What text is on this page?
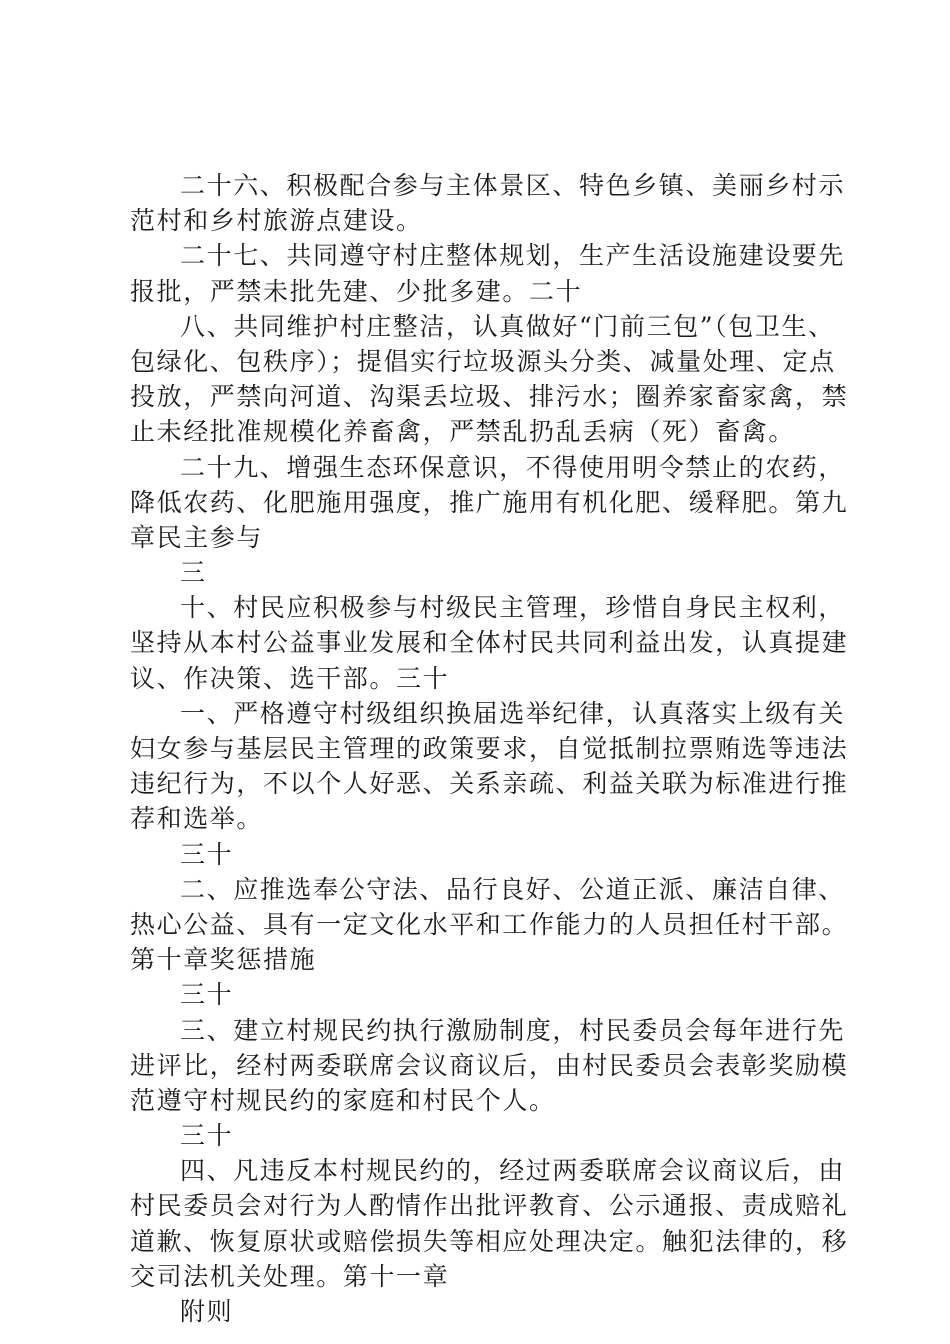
二十六、积极配合参与主体景区、特色乡镇、美丽乡村示
范村和乡村旅游点建设。
二十七、共同遵守村庄整体规划，生产生活设施建设要先
报批，严禁未批先建、少批多建。二十
八、共同维护村庄整洁，认真做好“门前三包”（包卫生、
包绿化、包秩序）；提倡实行垃圾源头分类、减量处理、定点
投放，严禁向河道、沟渠丢垃圾、排污水；圈养家畜家禽，禁
止未经批准规模化养畜禽，严禁乱扔乱丢病（死）畜禽。
二十九、增强生态环保意识，不得使用明令禁止的农药，
降低农药、化肥施用强度，推广施用有机化肥、缓释肥。第九
章民主参与
三
十、村民应积极参与村级民主管理，珍惜自身民主权利，
坚持从本村公益事业发展和全体村民共同利益出发，认真提建
议、作决策、选干部。三十
一、严格遵守村级组织换届选举纪律，认真落实上级有关
妇女参与基层民主管理的政策要求，自觉抵制拉票贿选等违法
违纪行为，不以个人好恶、关系亲疏、利益关联为标准进行推
荐和选举。
三十
二、应推选奉公守法、品行良好、公道正派、廉洁自律、
热心公益、具有一定文化水平和工作能力的人员担任村干部。
第十章奖惩措施
三十
三、建立村规民约执行激励制度，村民委员会每年进行先
进评比，经村两委联席会议商议后，由村民委员会表彰奖励模
范遵守村规民约的家庭和村民个人。
三十
四、凡违反本村规民约的，经过两委联席会议商议后，由
村民委员会对行为人酌情作出批评教育、公示通报、责成赔礼
道歉、恢复原状或赔偿损失等相应处理决定。触犯法律的，移
交司法机关处理。第十一章
附则
